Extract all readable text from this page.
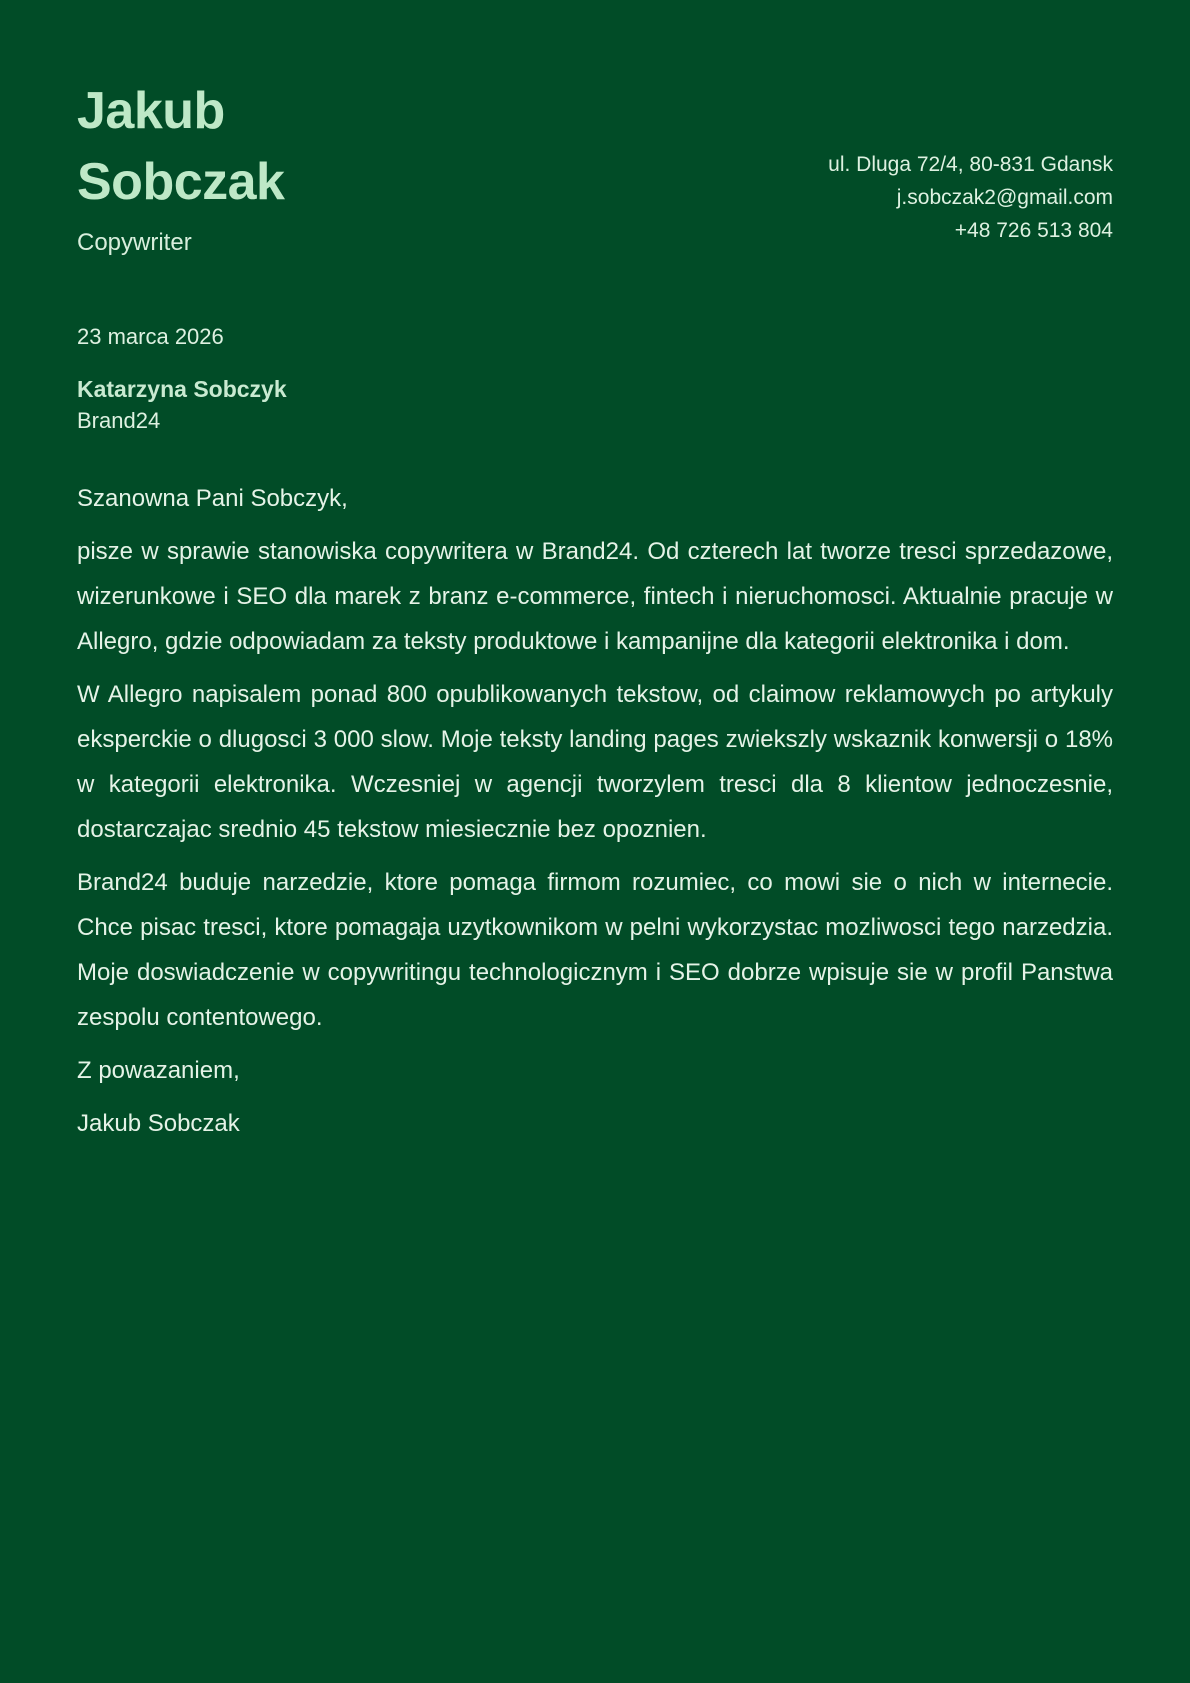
Jakub
Sobczak
Copywriter
ul. Dluga 72/4, 80-831 Gdansk
j.sobczak2@gmail.com
+48 726 513 804
23 marca 2026
Katarzyna Sobczyk
Brand24

Szanowna Pani Sobczyk,

pisze w sprawie stanowiska copywritera w Brand24. Od czterech lat tworze tresci sprzedazowe, wizerunkowe i SEO dla marek z branz e-commerce, fintech i nieruchomosci. Aktualnie pracuje w Allegro, gdzie odpowiadam za teksty produktowe i kampanijne dla kategorii elektronika i dom.

W Allegro napisalem ponad 800 opublikowanych tekstow, od claimow reklamowych po artykuly eksperckie o dlugosci 3 000 slow. Moje teksty landing pages zwiekszly wskaznik konwersji o 18% w kategorii elektronika. Wczesniej w agencji tworzylem tresci dla 8 klientow jednoczesnie, dostarczajac srednio 45 tekstow miesiecznie bez opoznien.

Brand24 buduje narzedzie, ktore pomaga firmom rozumiec, co mowi sie o nich w internecie. Chce pisac tresci, ktore pomagaja uzytkownikom w pelni wykorzystac mozliwosci tego narzedzia. Moje doswiadczenie w copywritingu technologicznym i SEO dobrze wpisuje sie w profil Panstwa zespolu contentowego.

Z powazaniem,

Jakub Sobczak
